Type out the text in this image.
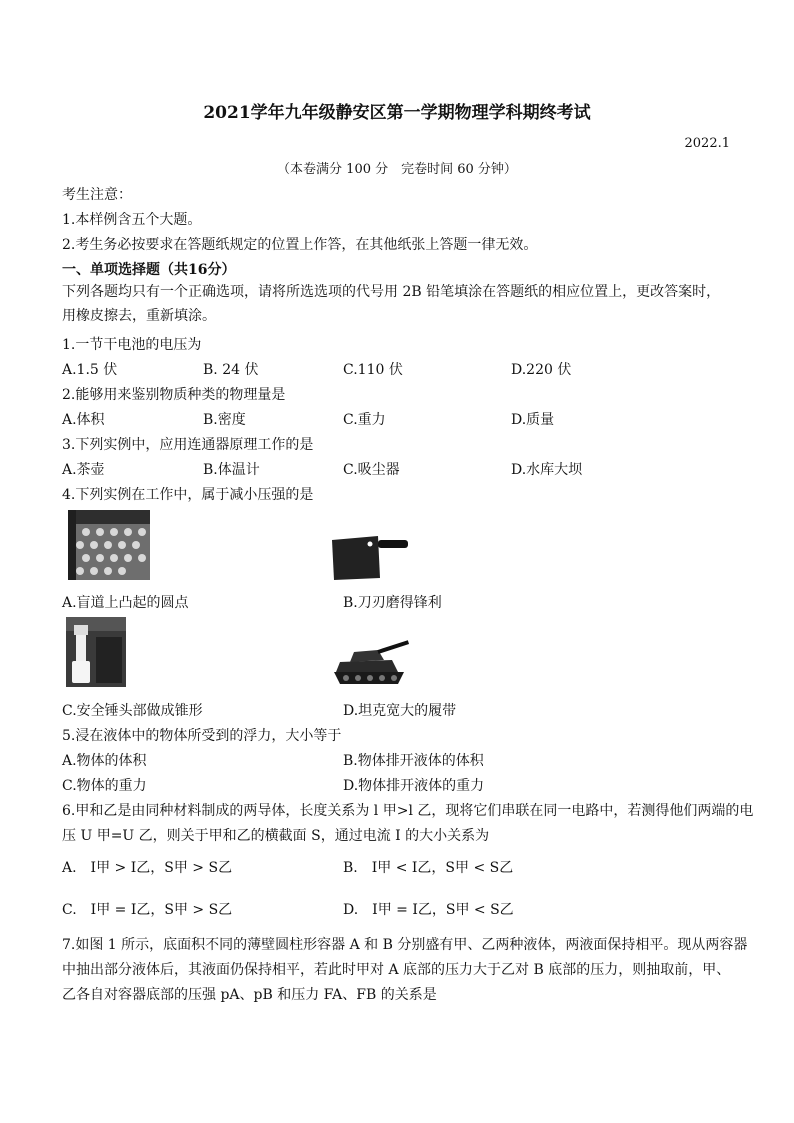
2021学年九年级静安区第一学期物理学科期终考试
2022.1
（本卷满分 100 分　完卷时间 60 分钟）
考生注意：
1.本样例含五个大题。
2.考生务必按要求在答题纸规定的位置上作答，在其他纸张上答题一律无效。
一、单项选择题（共16分）
下列各题均只有一个正确选项，请将所选选项的代号用 2B 铅笔填涂在答题纸的相应位置上，更改答案时，用橡皮擦去，重新填涂。
1.一节干电池的电压为
A.1.5 伏	B. 24 伏	C.110 伏	D.220 伏
2.能够用来鉴别物质种类的物理量是
A.体积	B.密度	C.重力	D.质量
3.下列实例中，应用连通器原理工作的是
A.茶壶	B.体温计	C.吸尘器	D.水库大坝
4.下列实例在工作中，属于减小压强的是
A.盲道上凸起的圆点	B.刀刃磨得锋利
C.安全锤头部做成锥形	D.坦克宽大的履带
5.浸在液体中的物体所受到的浮力，大小等于
A.物体的体积	B.物体排开液体的体积
C.物体的重力	D.物体排开液体的重力
6.甲和乙是由同种材料制成的两导体，长度关系为 l 甲>l 乙，现将它们串联在同一电路中，若测得他们两端的电
压 U 甲=U 乙，则关于甲和乙的横截面 S，通过电流 I 的大小关系为
A.　I甲 > I乙，S甲 > S乙	B.　I甲 < I乙，S甲 < S乙
C.　I甲 = I乙，S甲 > S乙	D.　I甲 = I乙，S甲 < S乙
7.如图 1 所示，底面积不同的薄壁圆柱形容器 A 和 B 分别盛有甲、乙两种液体，两液面保持相平。现从两容器
中抽出部分液体后，其液面仍保持相平，若此时甲对 A 底部的压力大于乙对 B 底部的压力，则抽取前，甲、
乙各自对容器底部的压强 pA、pB 和压力 FA、FB 的关系是
